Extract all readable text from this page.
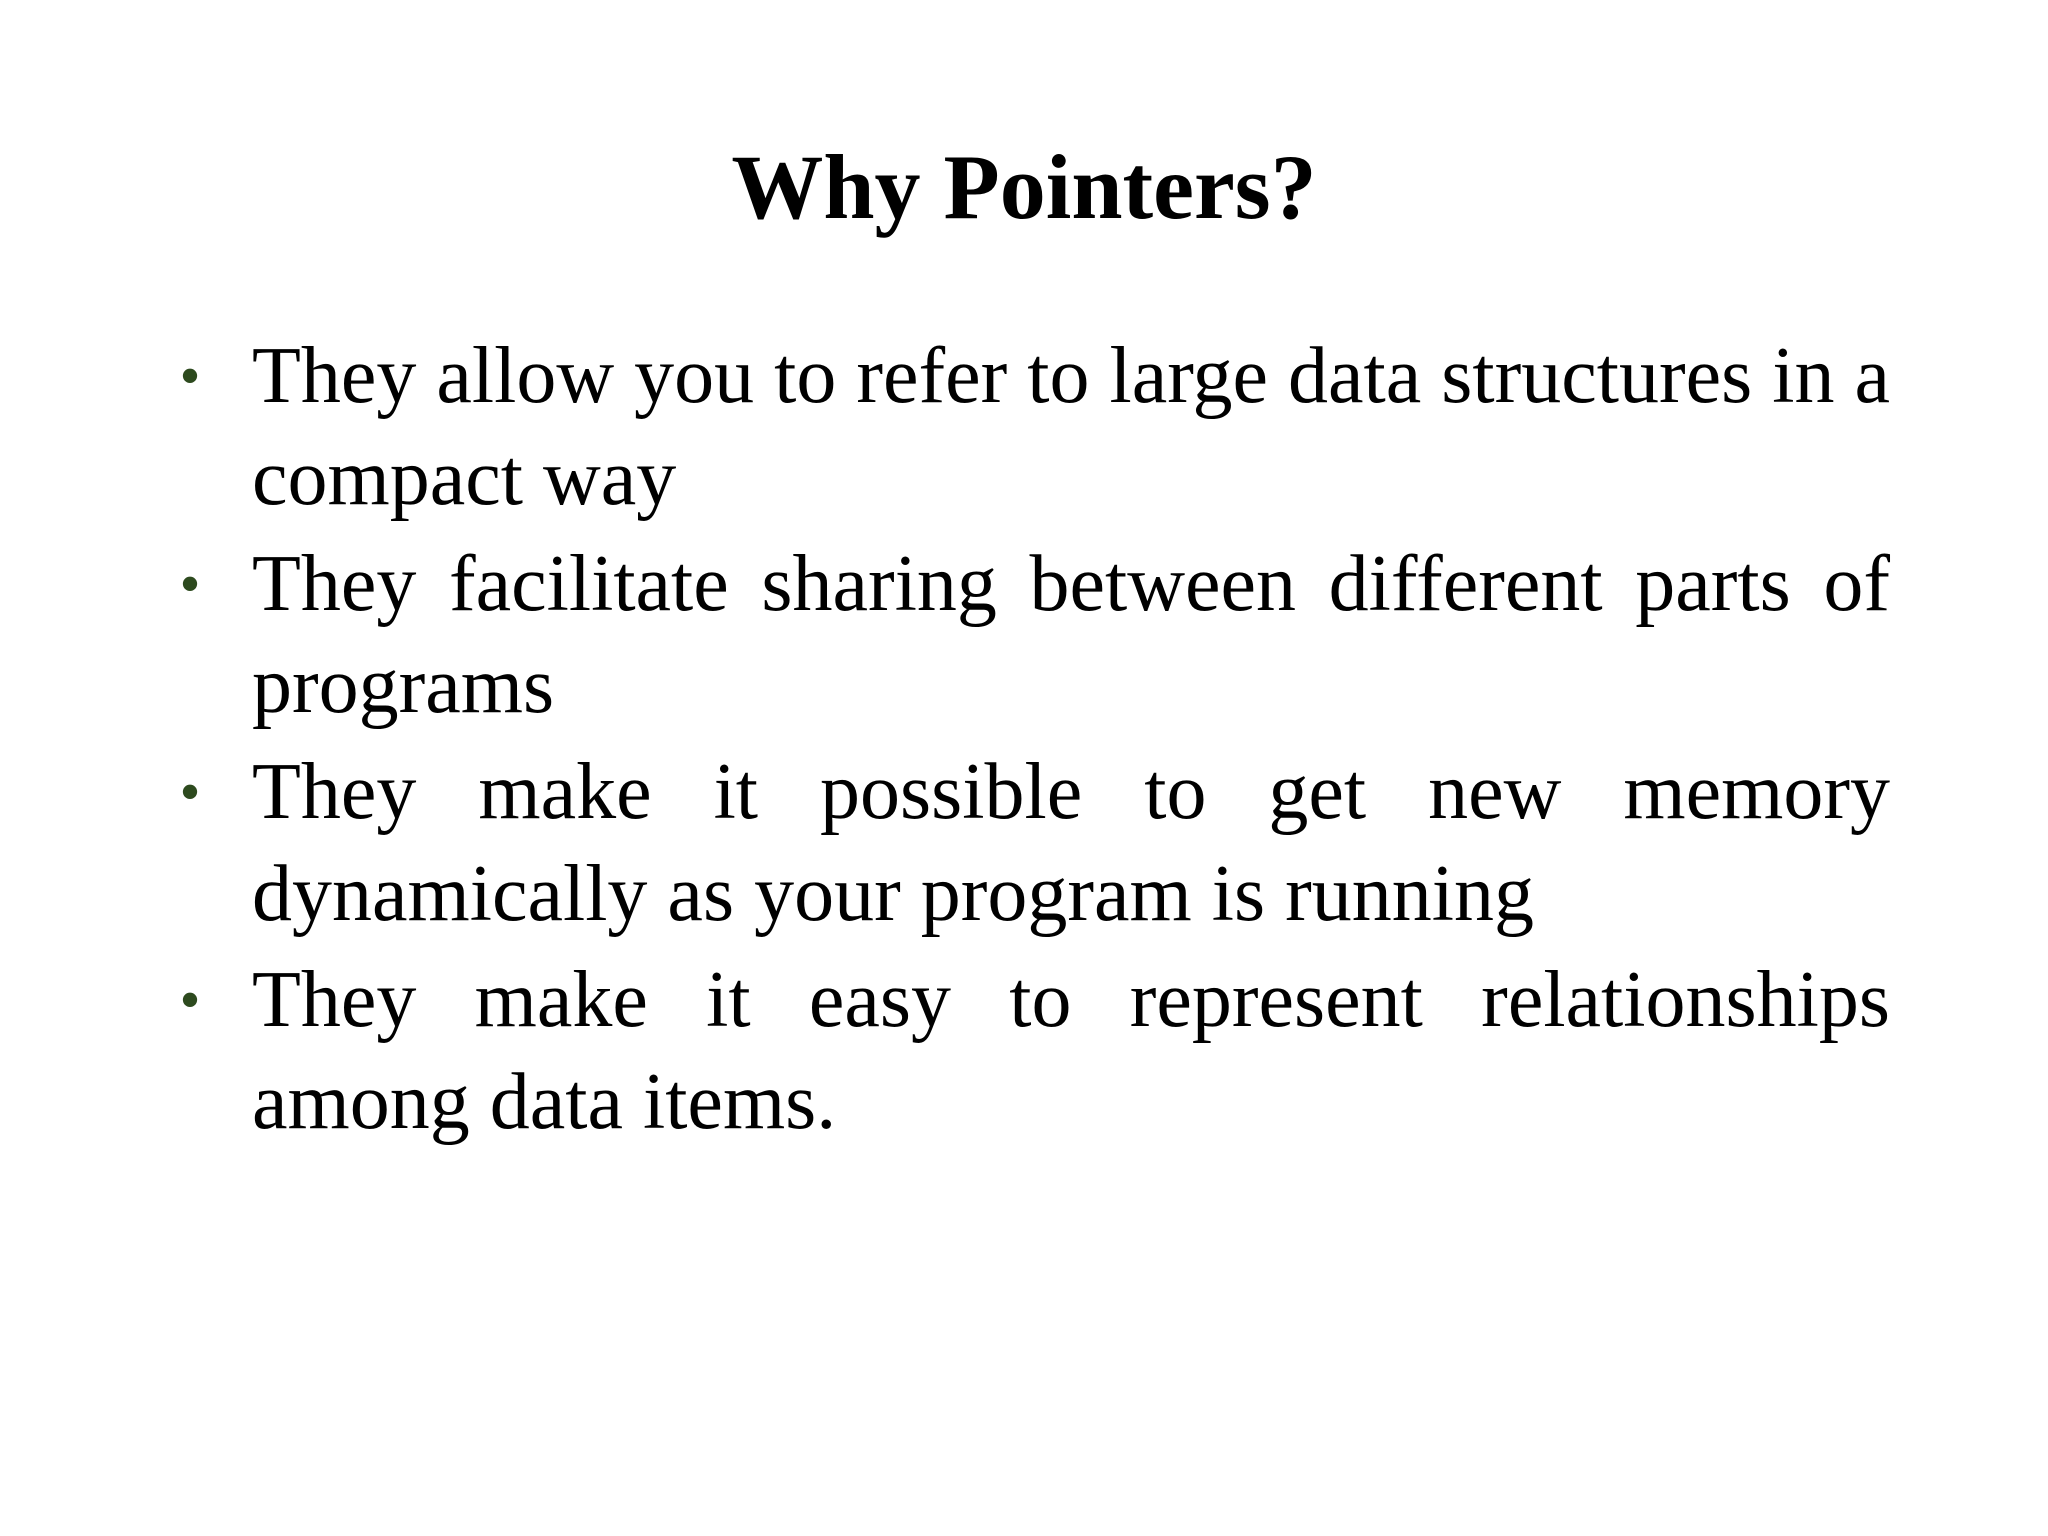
Why Pointers?
• They allow you to refer to large data structures in a compact way
• They facilitate sharing between different parts of programs
• They make it possible to get new memory dynamically as your program is running
• They make it easy to represent relationships among data items.
